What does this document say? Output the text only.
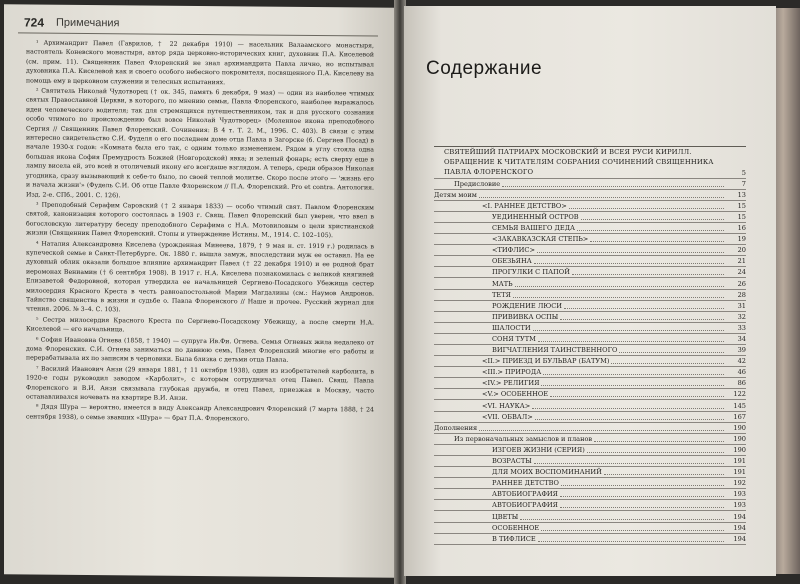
724 Примечания

¹ Архимандрит Павел (Гаврилов, † 22 декабря 1910) — насельник Валаамского монастыря, настоятель Коневского монастыря, автор ряда церковно-исторических книг, духовник П.А. Киселевой (см. прим. 11). Священник Павел Флоренский не знал архимандрита Павла лично, но испытывал духовника П.А. Киселевой как и своего особого небесного покровителя, посвященного П.А. Киселеву на помощь ему в церковном служении и телесных испытаниях.

² Святитель Николай Чудотворец († ок. 345, память 6 декабря, 9 мая) — один из наиболее чтимых святых Православной Церкви, в которого, по мнению семьи, Павла Флоренского, наиболее выражалось идеи человеческого водителя; так для стремящихся путешественником, так и для русского сознания особо чтимого по происхождению был вовсе Николай Чудотворец» (Моленное икона преподобного Сергия // Священник Павел Флоренский. Сочинения: В 4 т. Т. 2. М., 1996. С. 403). В связи с этим интересно свидетельство С.И. Фуделя о его последнем доме отца Павла в Загорске (б. Сергиев Посад) в начале 1930-х годов: «Комната была его так, с одним только изменением. Рядом в углу стояла одна большая икона София Премудрость Божией (Новгородской) явка; и зеленый фонарь; есть сверху еще в лампу висела ей, это всей и отоличевый икону его всегдаше взглядом. А теперь, среди образов Николая угодника, сразу вызывающий к себе-то было, по своей теплой молитве. Скоро после этого — 'жизнь его и начала жизни'» (Фудель С.И. Об отце Павле Флоренском // П.А. Флоренский. Pro et contra. Антология. Изд. 2-е. СПб., 2001. С. 126).

³ Преподобный Серафим Саровский († 2 января 1833) — особо чтимый свят. Павлом Флоренским святой, канонизация которого состоялась в 1903 г. Свящ. Павел Флоренский был уверен, что ввел в богословскую литературу беседу преподобного Серафима с Н.А. Мотовиловым о цели христианской жизни (Священник Павел Флоренский. Стопы и утверждение Истины. М., 1914. С. 102–105).

⁴ Наталия Александровна Киселева (урожденная Минеева, 1879, † 9 мая н. ст. 1919 г.) родилась в купеческой семье в Санкт-Петербурге. Ок. 1880 г. вышла замуж, впоследствии муж ее оставил. На ее духовный облик оказали большое влияние архимандрит Павел († 22 декабря 1910) и ее родной брат иеромонах Вениамин († 6 сентября 1908). В 1917 г. Н.А. Киселева познакомилась с великой княгиней Елизаветой Федоровной, которая утвердила ее начальницей Сергиево-Посадского Убежища сестер милосердия Красного Креста в честь равноапостольной Марии Магдалины (см.: Наумов Андронов. Тайнство священства в жизни и судьбе о. Павла Флоренского // Наше и прочее. Русский журнал для чтения. 2006. № 3–4. С. 103).

⁵ Сестра милосердия Красного Креста по Сергиево-Посадскому Убежищу, а после смерти Н.А. Киселевой — его начальница.

⁶ София Ивановна Огнева (1858, † 1940) — супруга Ив.Фи. Огнева. Семья Огневых жила недалеко от дома Флоренских. С.И. Огнева заниматься по давнюю семь, Павел Флоренский многие его работы и перерабатывала их по записям в черновики. Была близка с детьми отца Павла.

⁷ Василий Иванович Анзи (29 января 1881, † 11 октября 1938), один из изобретателей карболита, в 1920-е годы руководил заводом «Карболит», с которым сотрудничал отец Павел. Свящ. Павла Флоренского и В.И. Анзи связывала глубокая дружба, и отец Павел, приезжая в Москву, часто останавливался ночевать на квартире В.И. Анзи.

⁸ Дядя Шура — вероятно, имеется в виду Александр Александрович Флоренский (7 марта 1888, † 24 сентября 1938), о семье звавших «Шура» — брат П.А. Флоренского.

Содержание
СВЯТЕЙШИЙ ПАТРИАРХ МОСКОВСКИЙ И ВСЕЯ РУСИ КИРИЛЛ. ОБРАЩЕНИЕ К ЧИТАТЕЛЯМ СОБРАНИЯ СОЧИНЕНИЙ СВЯЩЕННИКА ПАВЛА ФЛОРЕНСКОГО	5
Предисловие	7
Детям моим	13
<I. РАННЕЕ ДЕТСТВО>	15
УЕДИНЕННЫЙ ОСТРОВ	15
СЕМЬЯ ВАШЕГО ДЕДА	16
<ЗАКАВКАЗСКАЯ СТЕПЬ>	19
<ТИФЛИС>	20
ОБЕЗЬЯНА	21
ПРОГУЛКИ С ПАПОЙ	24
МАТЬ	26
ТЕТЯ	28
РОЖДЕНИЕ ЛЮСИ	31
ПРИВИВКА ОСПЫ	32
ШАЛОСТИ	33
СОНЯ ТУТМ	34
ВИГЧАТЛЕНИЯ ТАИНСТВЕННОГО	39
<II.> ПРИЕЗД И БУЛЬВАР (БАТУМ)	42
<III.> ПРИРОДА	46
<IV.> РЕЛИГИЯ	86
<V.> ОСОБЕННОЕ	122
<VI. НАУКА>	145
<VII. ОБВАЛ>	167
Дополнения	190
Из первоначальных замыслов и планов	190
ИЗГОЕВ ЖИЗНИ (СЕРИЯ)	190
ВОЗРАСТЫ	191
ДЛЯ МОИХ ВОСПОМИНАНИЙ	191
РАННЕЕ ДЕТСТВО	192
АВТОБИОГРАФИЯ	193
АВТОБИОГРАФИЯ	193
ЦВЕТЫ	194
ОСОБЕННОЕ	194
В ТИФЛИСЕ	194
